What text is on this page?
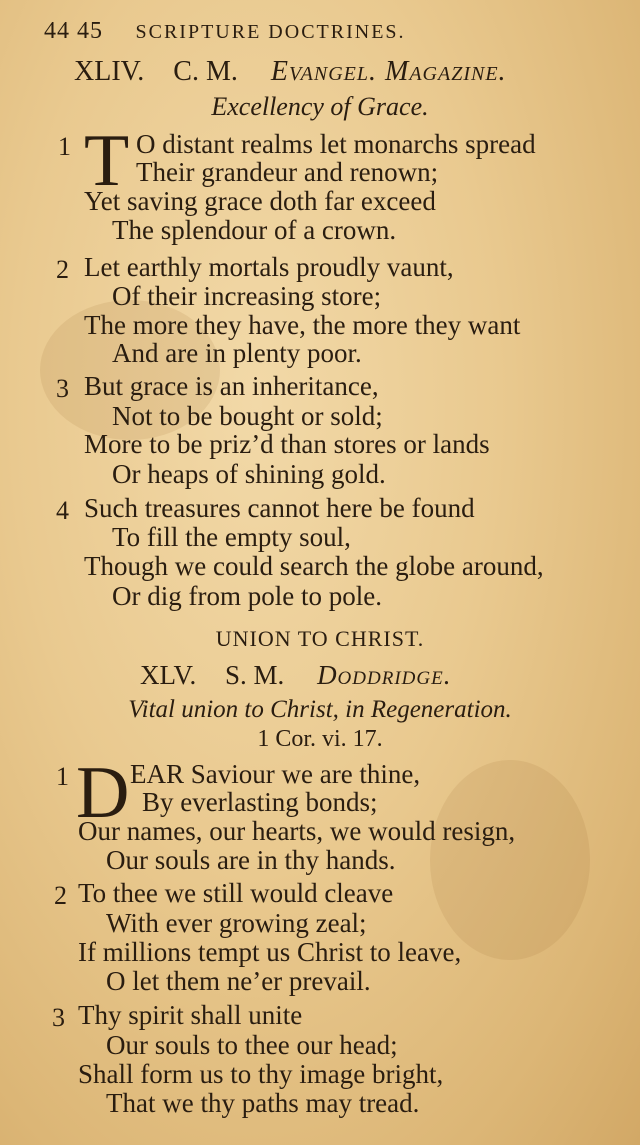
44 45 SCRIPTURE DOCTRINES.
XLIV. C. M. Evangel. Magazine.
Excellency of Grace.
1 T O distant realms let monarchs spread
Their grandeur and renown;
Yet saving grace doth far exceed
The splendour of a crown.
2 Let earthly mortals proudly vaunt,
Of their increasing store;
The more they have, the more they want
And are in plenty poor.
3 But grace is an inheritance,
Not to be bought or sold;
More to be priz’d than stores or lands
Or heaps of shining gold.
4 Such treasures cannot here be found
To fill the empty soul,
Though we could search the globe around,
Or dig from pole to pole.
UNION TO CHRIST.
XLV. S. M. Doddridge.
Vital union to Christ, in Regeneration.
1 Cor. vi. 17.
1 D EAR Saviour we are thine,
By everlasting bonds;
Our names, our hearts, we would resign,
Our souls are in thy hands.
2 To thee we still would cleave
With ever growing zeal;
If millions tempt us Christ to leave,
O let them ne’er prevail.
3 Thy spirit shall unite
Our souls to thee our head;
Shall form us to thy image bright,
That we thy paths may tread.
